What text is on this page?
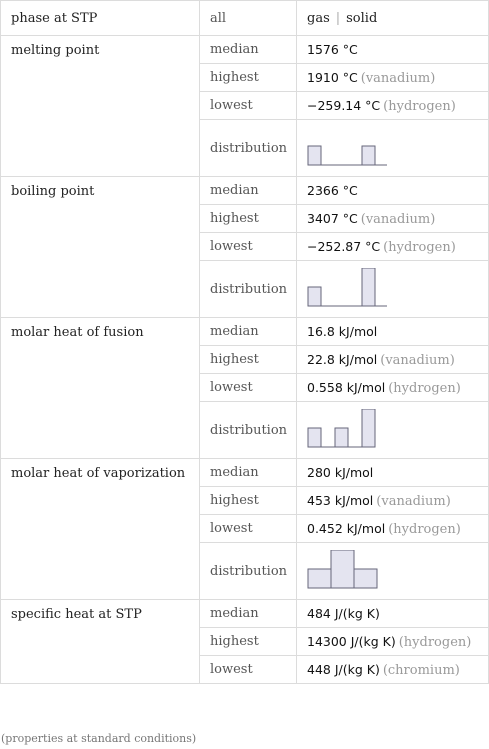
phase at STP	all	gas | solid
melting point	median	1576 °C
	highest	1910 °C (vanadium)
	lowest	−259.14 °C (hydrogen)
	distribution	

boiling point	median	2366 °C
	highest	3407 °C (vanadium)
	lowest	−252.87 °C (hydrogen)
	distribution	

molar heat of fusion	median	16.8 kJ/mol
	highest	22.8 kJ/mol (vanadium)
	lowest	0.558 kJ/mol (hydrogen)
	distribution	

molar heat of vaporization	median	280 kJ/mol
	highest	453 kJ/mol (vanadium)
	lowest	0.452 kJ/mol (hydrogen)
	distribution	

specific heat at STP	median	484 J/(kg K)
	highest	14300 J/(kg K) (hydrogen)
	lowest	448 J/(kg K) (chromium)
(properties at standard conditions)
